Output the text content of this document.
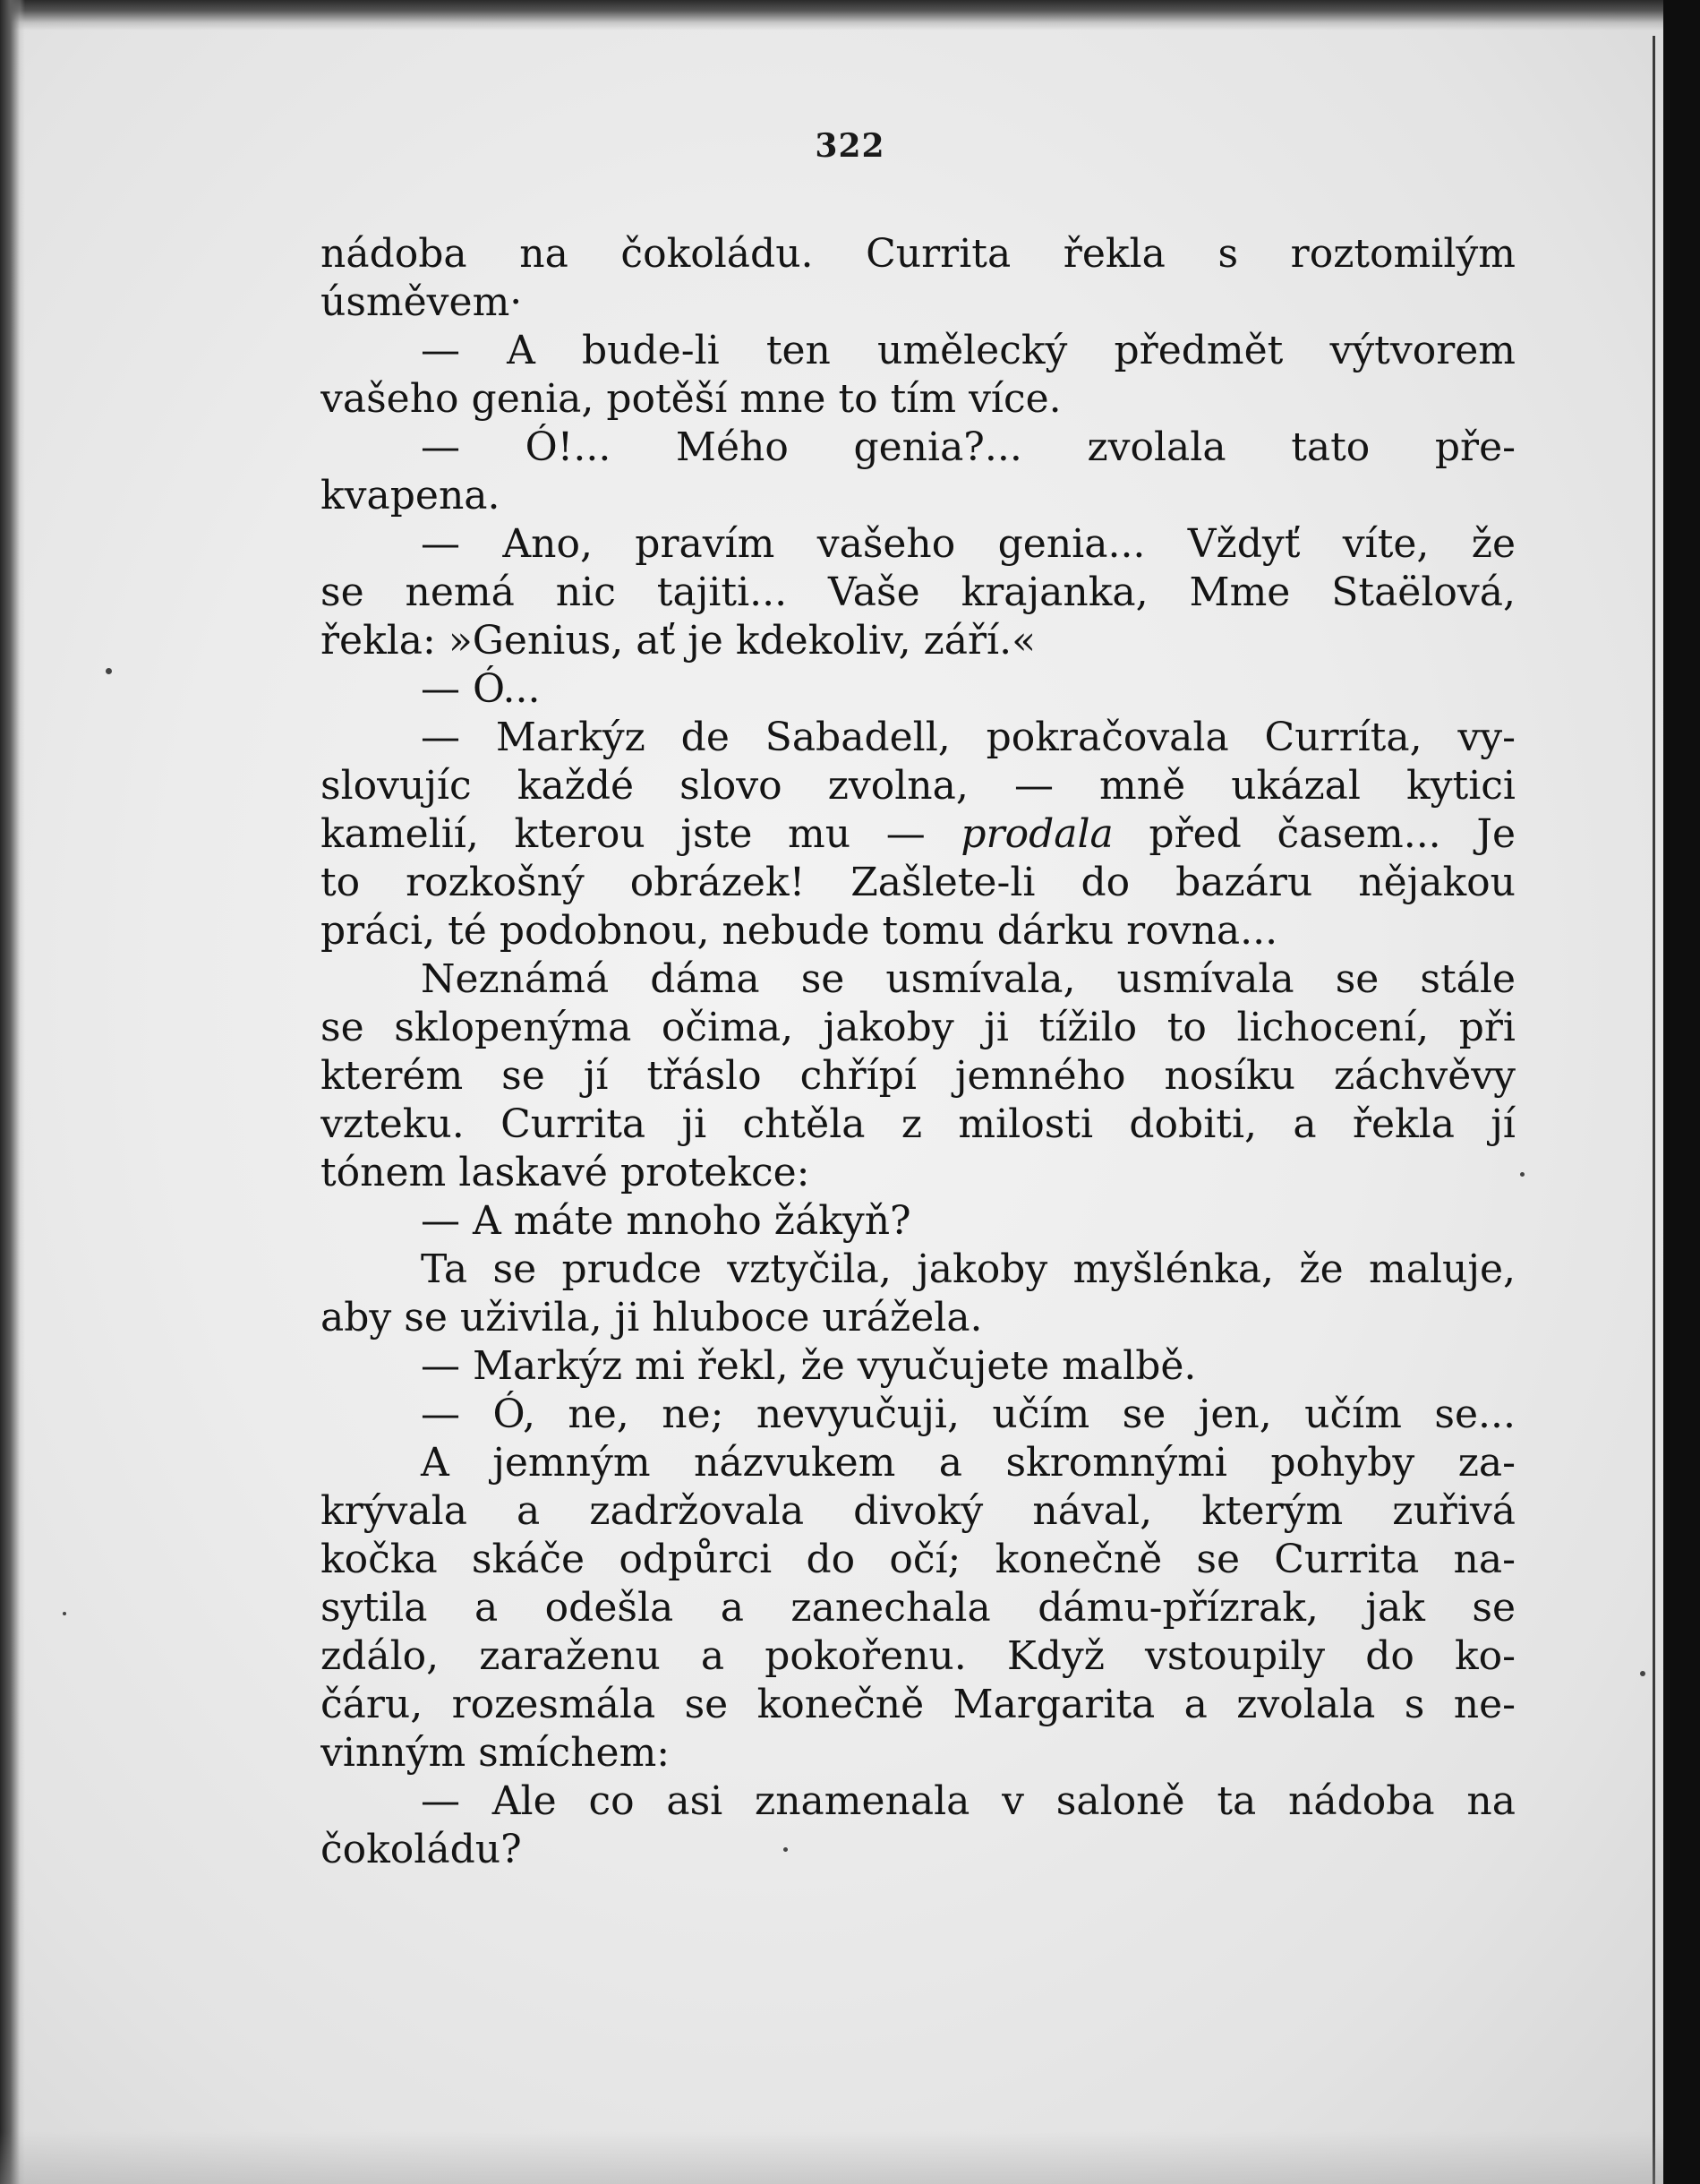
322
nádoba na čokoládu. Currita řekla s roztomilým
úsměvem·
— A bude-li ten umělecký předmět výtvorem
vašeho genia, potěší mne to tím více.
— Ó!... Mého genia?... zvolala tato pře-
kvapena.
— Ano, pravím vašeho genia... Vždyť víte, že
se nemá nic tajiti... Vaše krajanka, Mme Staëlová,
řekla: »Genius, ať je kdekoliv, září.«
— Ó...
— Markýz de Sabadell, pokračovala Curríta, vy-
slovujíc každé slovo zvolna, — mně ukázal kytici
kamelií, kterou jste mu — prodala před časem... Je
to rozkošný obrázek! Zašlete-li do bazáru nějakou
práci, té podobnou, nebude tomu dárku rovna...
Neznámá dáma se usmívala, usmívala se stále
se sklopenýma očima, jakoby ji tížilo to lichocení, při
kterém se jí třáslo chřípí jemného nosíku záchvěvy
vzteku. Currita ji chtěla z milosti dobiti, a řekla jí
tónem laskavé protekce:
— A máte mnoho žákyň?
Ta se prudce vztyčila, jakoby myšlénka, že maluje,
aby se uživila, ji hluboce urážela.
— Markýz mi řekl, že vyučujete malbě.
— Ó, ne, ne; nevyučuji, učím se jen, učím se...
A jemným názvukem a skromnými pohyby za-
krývala a zadržovala divoký nával, kterým zuřivá
kočka skáče odpůrci do očí; konečně se Currita na-
sytila a odešla a zanechala dámu-přízrak, jak se
zdálo, zaraženu a pokořenu. Když vstoupily do ko-
čáru, rozesmála se konečně Margarita a zvolala s ne-
vinným smíchem:
— Ale co asi znamenala v saloně ta nádoba na
čokoládu?
